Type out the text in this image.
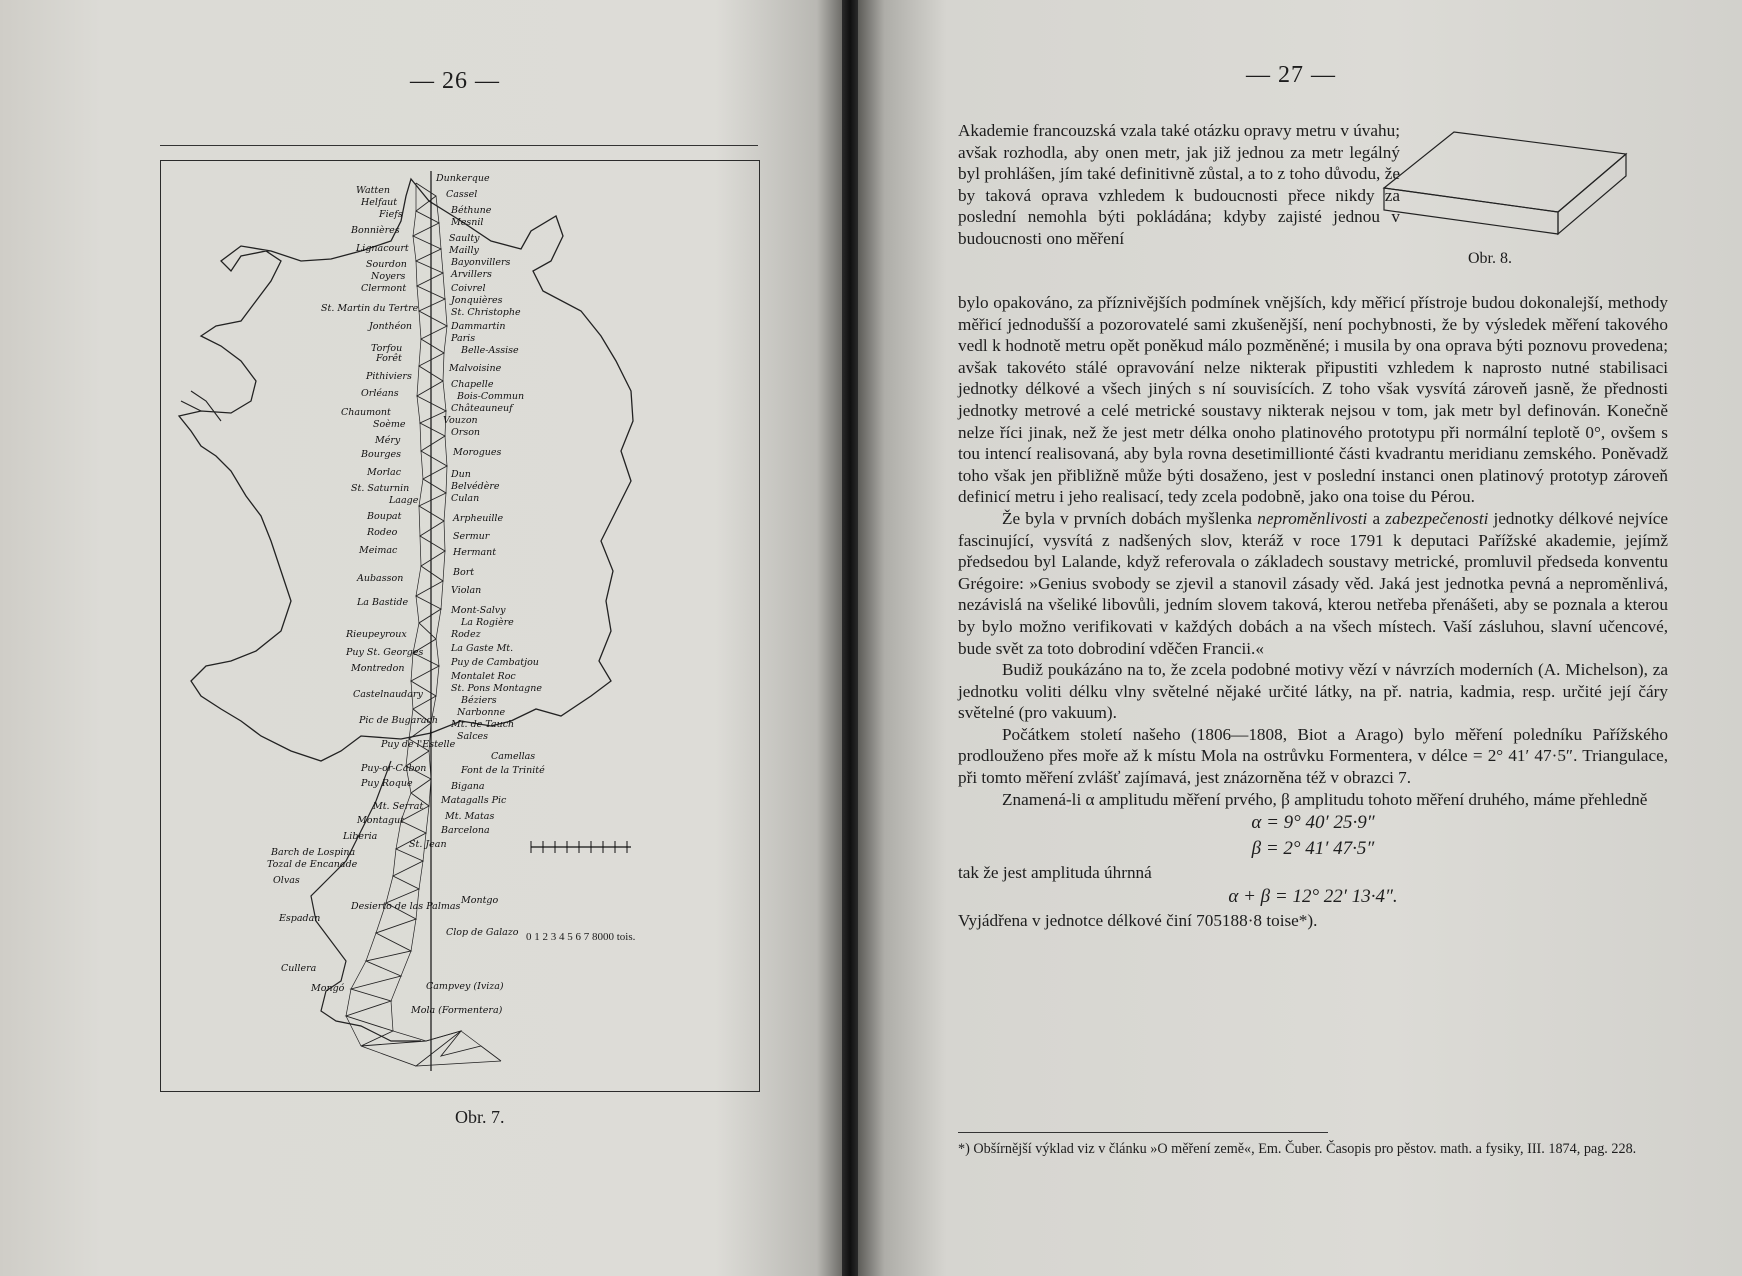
— 26 —
Watten
Helfaut
Fiefs
Bonnières
Lignacourt
Sourdon
Noyers
Clermont
St. Martin du Tertre
Jonthéon
Torfou
Forêt
Pithiviers
Orléans
Chaumont
Soème
Méry
Bourges
Morlac
St. Saturnin
Laage
Boupat
Rodeo
Meimac
Aubasson
La Bastide
Rieupeyroux
Puy St. Georges
Montredon
Castelnaudary
Pic de Bugarach
Puy de l'Estelle
Puy-or-Cabon
Puy Roque
Mt. Serrat
Montagut
Liberia
Barch de Lospina
Tozal de Encanade
Olvas
Espadan
Cullera
Mongó
Dunkerque
Cassel
Béthune
Mesnil
Saulty
Mailly
Bayonvillers
Arvillers
Coivrel
Jonquières
St. Christophe
Dammartin
Paris
Belle-Assise
Malvoisine
Chapelle
Bois-Commun
Châteauneuf
Vouzon
Orson
Morogues
Dun
Belvédère
Culan
Arpheuille
Sermur
Hermant
Bort
Violan
Mont-Salvy
La Rogière
Rodez
La Gaste Mt.
Puy de Cambatjou
Montalet Roc
St. Pons Montagne
Béziers
Narbonne
Mt. de Tauch
Salces
Camellas
Font de la Trinité
Bigana
Matagalls Pic
Mt. Matas
Barcelona
St. Jean
Montgo
Desierto de las Palmas
Clop de Galazo
Campvey (Iviza)
Mola (Formentera)
0 1 2 3 4 5 6 7 8000 tois.
Obr. 7.
— 27 —
Akademie francouzská vzala také otázku opravy metru v úvahu; avšak rozhodla, aby onen metr, jak již jednou za metr legálný byl prohlášen, jím také definitivně zůstal, a to z toho důvodu, že by taková oprava vzhledem k budoucnosti přece nikdy za poslední nemohla býti pokládána; kdyby zajisté jednou v budoucnosti ono měření
Obr. 8.
bylo opakováno, za příznivějších podmínek vnějších, kdy měřicí přístroje budou dokonalejší, methody měřicí jednodušší a pozorovatelé sami zkušenější, není pochybnosti, že by výsledek měření takového vedl k hodnotě metru opět poněkud málo pozměněné; i musila by ona oprava býti poznovu provedena; avšak takovéto stálé opravování nelze nikterak připustiti vzhledem k naprosto nutné stabilisaci jednotky délkové a všech jiných s ní souvisících. Z toho však vysvítá zároveň jasně, že přednosti jednotky metrové a celé metrické soustavy nikterak nejsou v tom, jak metr byl definován. Konečně nelze říci jinak, než že jest metr délka onoho platinového prototypu při normální teplotě 0°, ovšem s tou intencí realisovaná, aby byla rovna desetimillionté části kvadrantu meridianu zemského. Poněvadž toho však jen přibližně může býti dosaženo, jest v poslední instanci onen platinový prototyp zároveň definicí metru i jeho realisací, tedy zcela podobně, jako ona toise du Pérou.
Že byla v prvních dobách myšlenka neproměnlivosti a zabezpečenosti jednotky délkové nejvíce fascinující, vysvítá z nadšených slov, kteráž v roce 1791 k deputaci Pařížské akademie, jejímž předsedou byl Lalande, když referovala o základech soustavy metrické, promluvil předseda konventu Grégoire: »Genius svobody se zjevil a stanovil zásady věd. Jaká jest jednotka pevná a neproměnlivá, nezávislá na všeliké libovůli, jedním slovem taková, kterou netřeba přenášeti, aby se poznala a kterou by bylo možno verifikovati v každých dobách a na všech místech. Vaší zásluhou, slavní učencové, bude svět za toto dobrodiní vděčen Francii.«
Budiž poukázáno na to, že zcela podobné motivy vězí v návrzích moderních (A. Michelson), za jednotku voliti délku vlny světelné nějaké určité látky, na př. natria, kadmia, resp. určité její čáry světelné (pro vakuum).
Počátkem století našeho (1806—1808, Biot a Arago) bylo měření poledníku Pařížského prodlouženo přes moře až k místu Mola na ostrůvku Formentera, v délce = 2° 41′ 47·5″. Triangulace, při tomto měření zvlášť zajímavá, jest znázorněna též v obrazci 7.
Znamená-li α amplitudu měření prvého, β amplitudu tohoto měření druhého, máme přehledně
α = 9° 40′ 25·9″
β = 2° 41′ 47·5″
tak že jest amplituda úhrnná
α + β = 12° 22′ 13·4″.
Vyjádřena v jednotce délkové činí 705188·8 toise*).
*) Obšírnější výklad viz v článku »O měření země«, Em. Čuber. Časopis pro pěstov. math. a fysiky, III. 1874, pag. 228.
